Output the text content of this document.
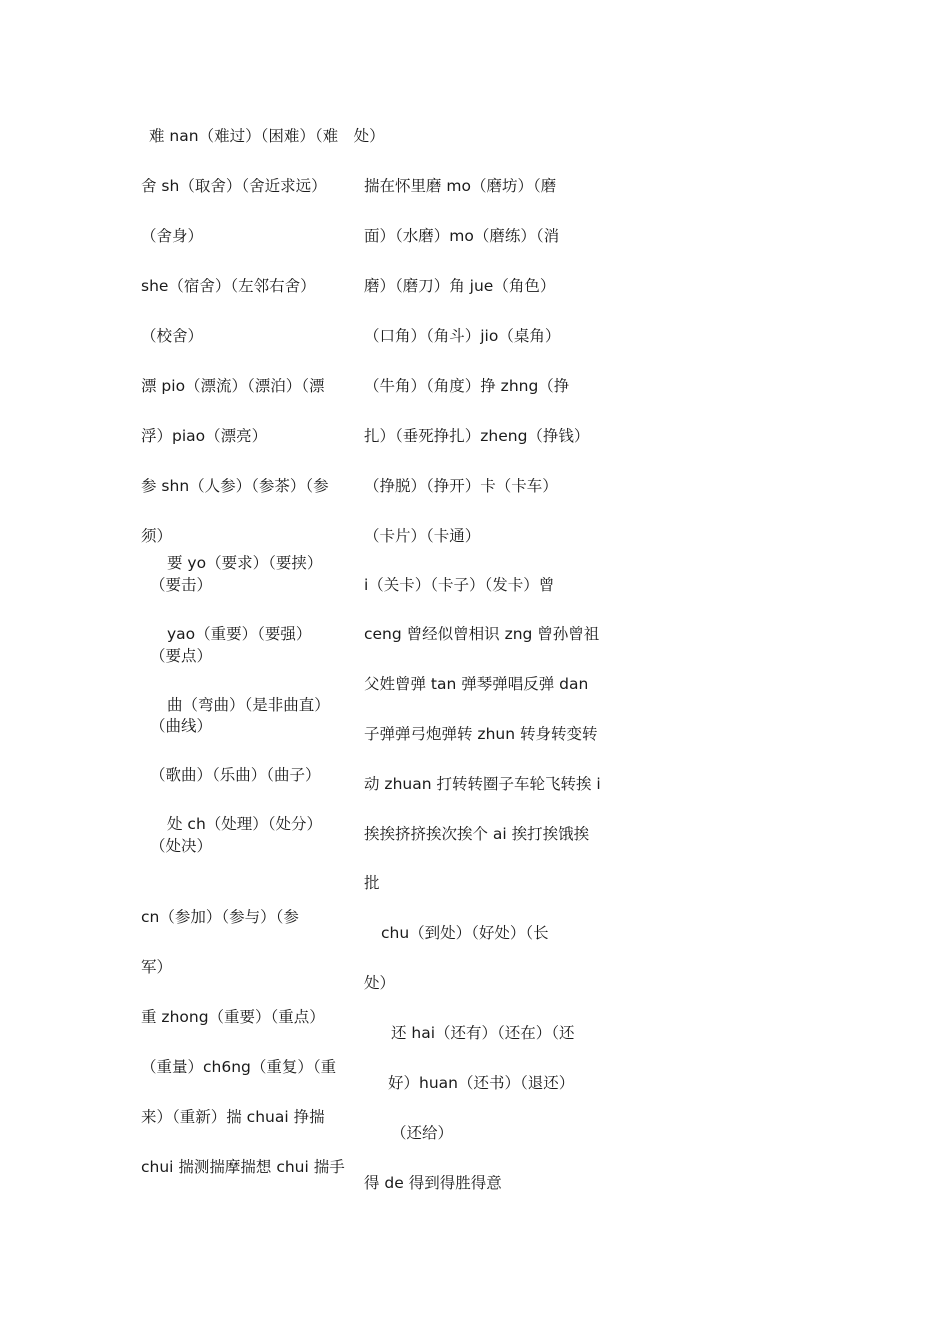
难 nan（难过）（困难）（难　处）
舍 sh（取舍）（舍近求远）
（舍身）
she（宿舍）（左邻右舍）
（校舍）
漂 pio（漂流）（漂泊）（漂
浮）piao（漂亮）
参 shn（人参）（参茶）（参
须）
要 yo（要求）（要挟）
（要击）
yao（重要）（要强）
（要点）
曲（弯曲）（是非曲直）
（曲线）
（歌曲）（乐曲）（曲子）
处 ch（处理）（处分）
（处决）
cn（参加）（参与）（参
军）
重 zhong（重要）（重点）
（重量）ch6ng（重复）（重
来）（重新）揣 chuai 挣揣
chui 揣测揣摩揣想 chui 揣手
揣在怀里磨 mo（磨坊）（磨
面）（水磨）mo（磨练）（消
磨）（磨刀）角 jue（角色）
（口角）（角斗）jio（桌角）
（牛角）（角度）挣 zhng（挣
扎）（垂死挣扎）zheng（挣钱）
（挣脱）（挣开）卡（卡车）
（卡片）（卡通）
i（关卡）（卡子）（发卡）曾
ceng 曾经似曾相识 zng 曾孙曾祖
父姓曾弹 tan 弹琴弹唱反弹 dan
子弹弹弓炮弹转 zhun 转身转变转
动 zhuan 打转转圈子车轮飞转挨 i
挨挨挤挤挨次挨个 ai 挨打挨饿挨
批
chu（到处）（好处）（长
处）
还 hai（还有）（还在）（还
好）huan（还书）（退还）
（还给）
得 de 得到得胜得意
